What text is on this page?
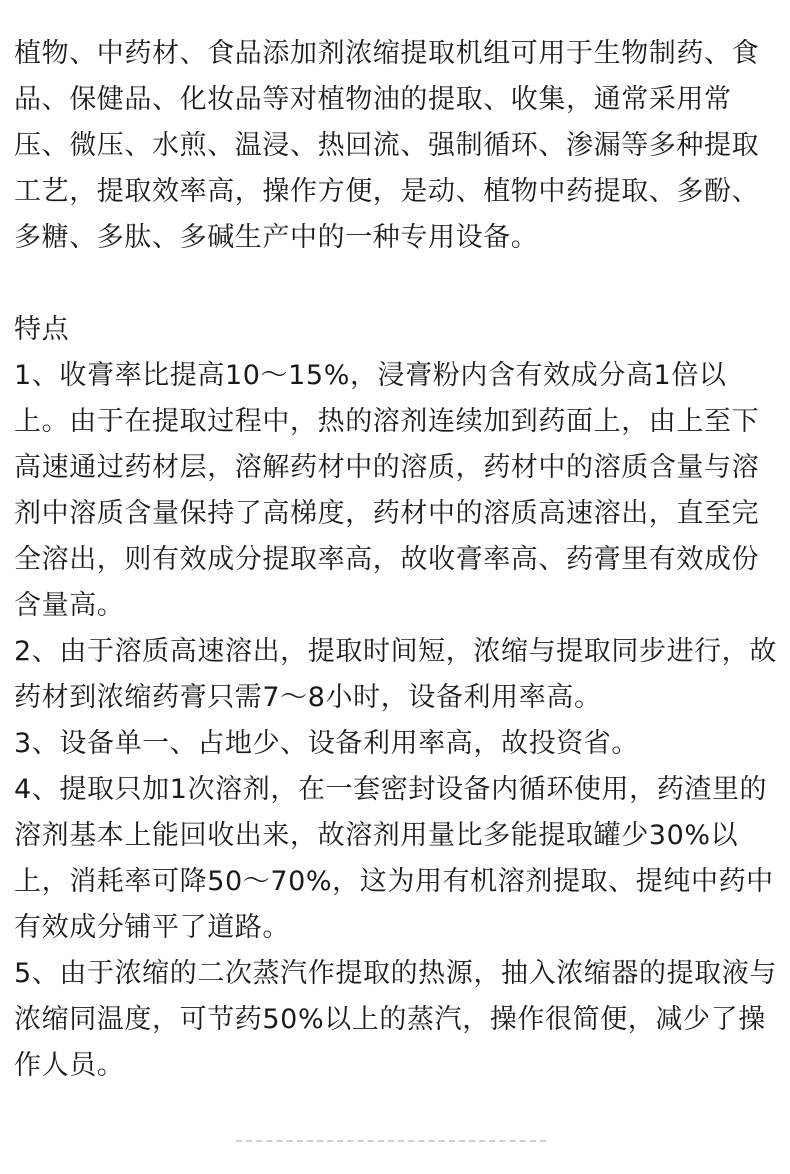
植物、中药材、食品添加剂浓缩提取机组可用于生物制药、食品、保健品、化妆品等对植物油的提取、收集，通常采用常压、微压、水煎、温浸、热回流、强制循环、渗漏等多种提取工艺，提取效率高，操作方便，是动、植物中药提取、多酚、多糖、多肽、多碱生产中的一种专用设备。

特点

1、收膏率比提高10～15%，浸膏粉内含有效成分高1倍以上。由于在提取过程中，热的溶剂连续加到药面上，由上至下高速通过药材层，溶解药材中的溶质，药材中的溶质含量与溶剂中溶质含量保持了高梯度，药材中的溶质高速溶出，直至完全溶出，则有效成分提取率高，故收膏率高、药膏里有效成份含量高。

2、由于溶质高速溶出，提取时间短，浓缩与提取同步进行，故药材到浓缩药膏只需7～8小时，设备利用率高。

3、设备单一、占地少、设备利用率高，故投资省。

4、提取只加1次溶剂，在一套密封设备内循环使用，药渣里的溶剂基本上能回收出来，故溶剂用量比多能提取罐少30%以上，消耗率可降50～70%，这为用有机溶剂提取、提纯中药中有效成分铺平了道路。

5、由于浓缩的二次蒸汽作提取的热源，抽入浓缩器的提取液与浓缩同温度，可节药50%以上的蒸汽，操作很简便，减少了操作人员。
